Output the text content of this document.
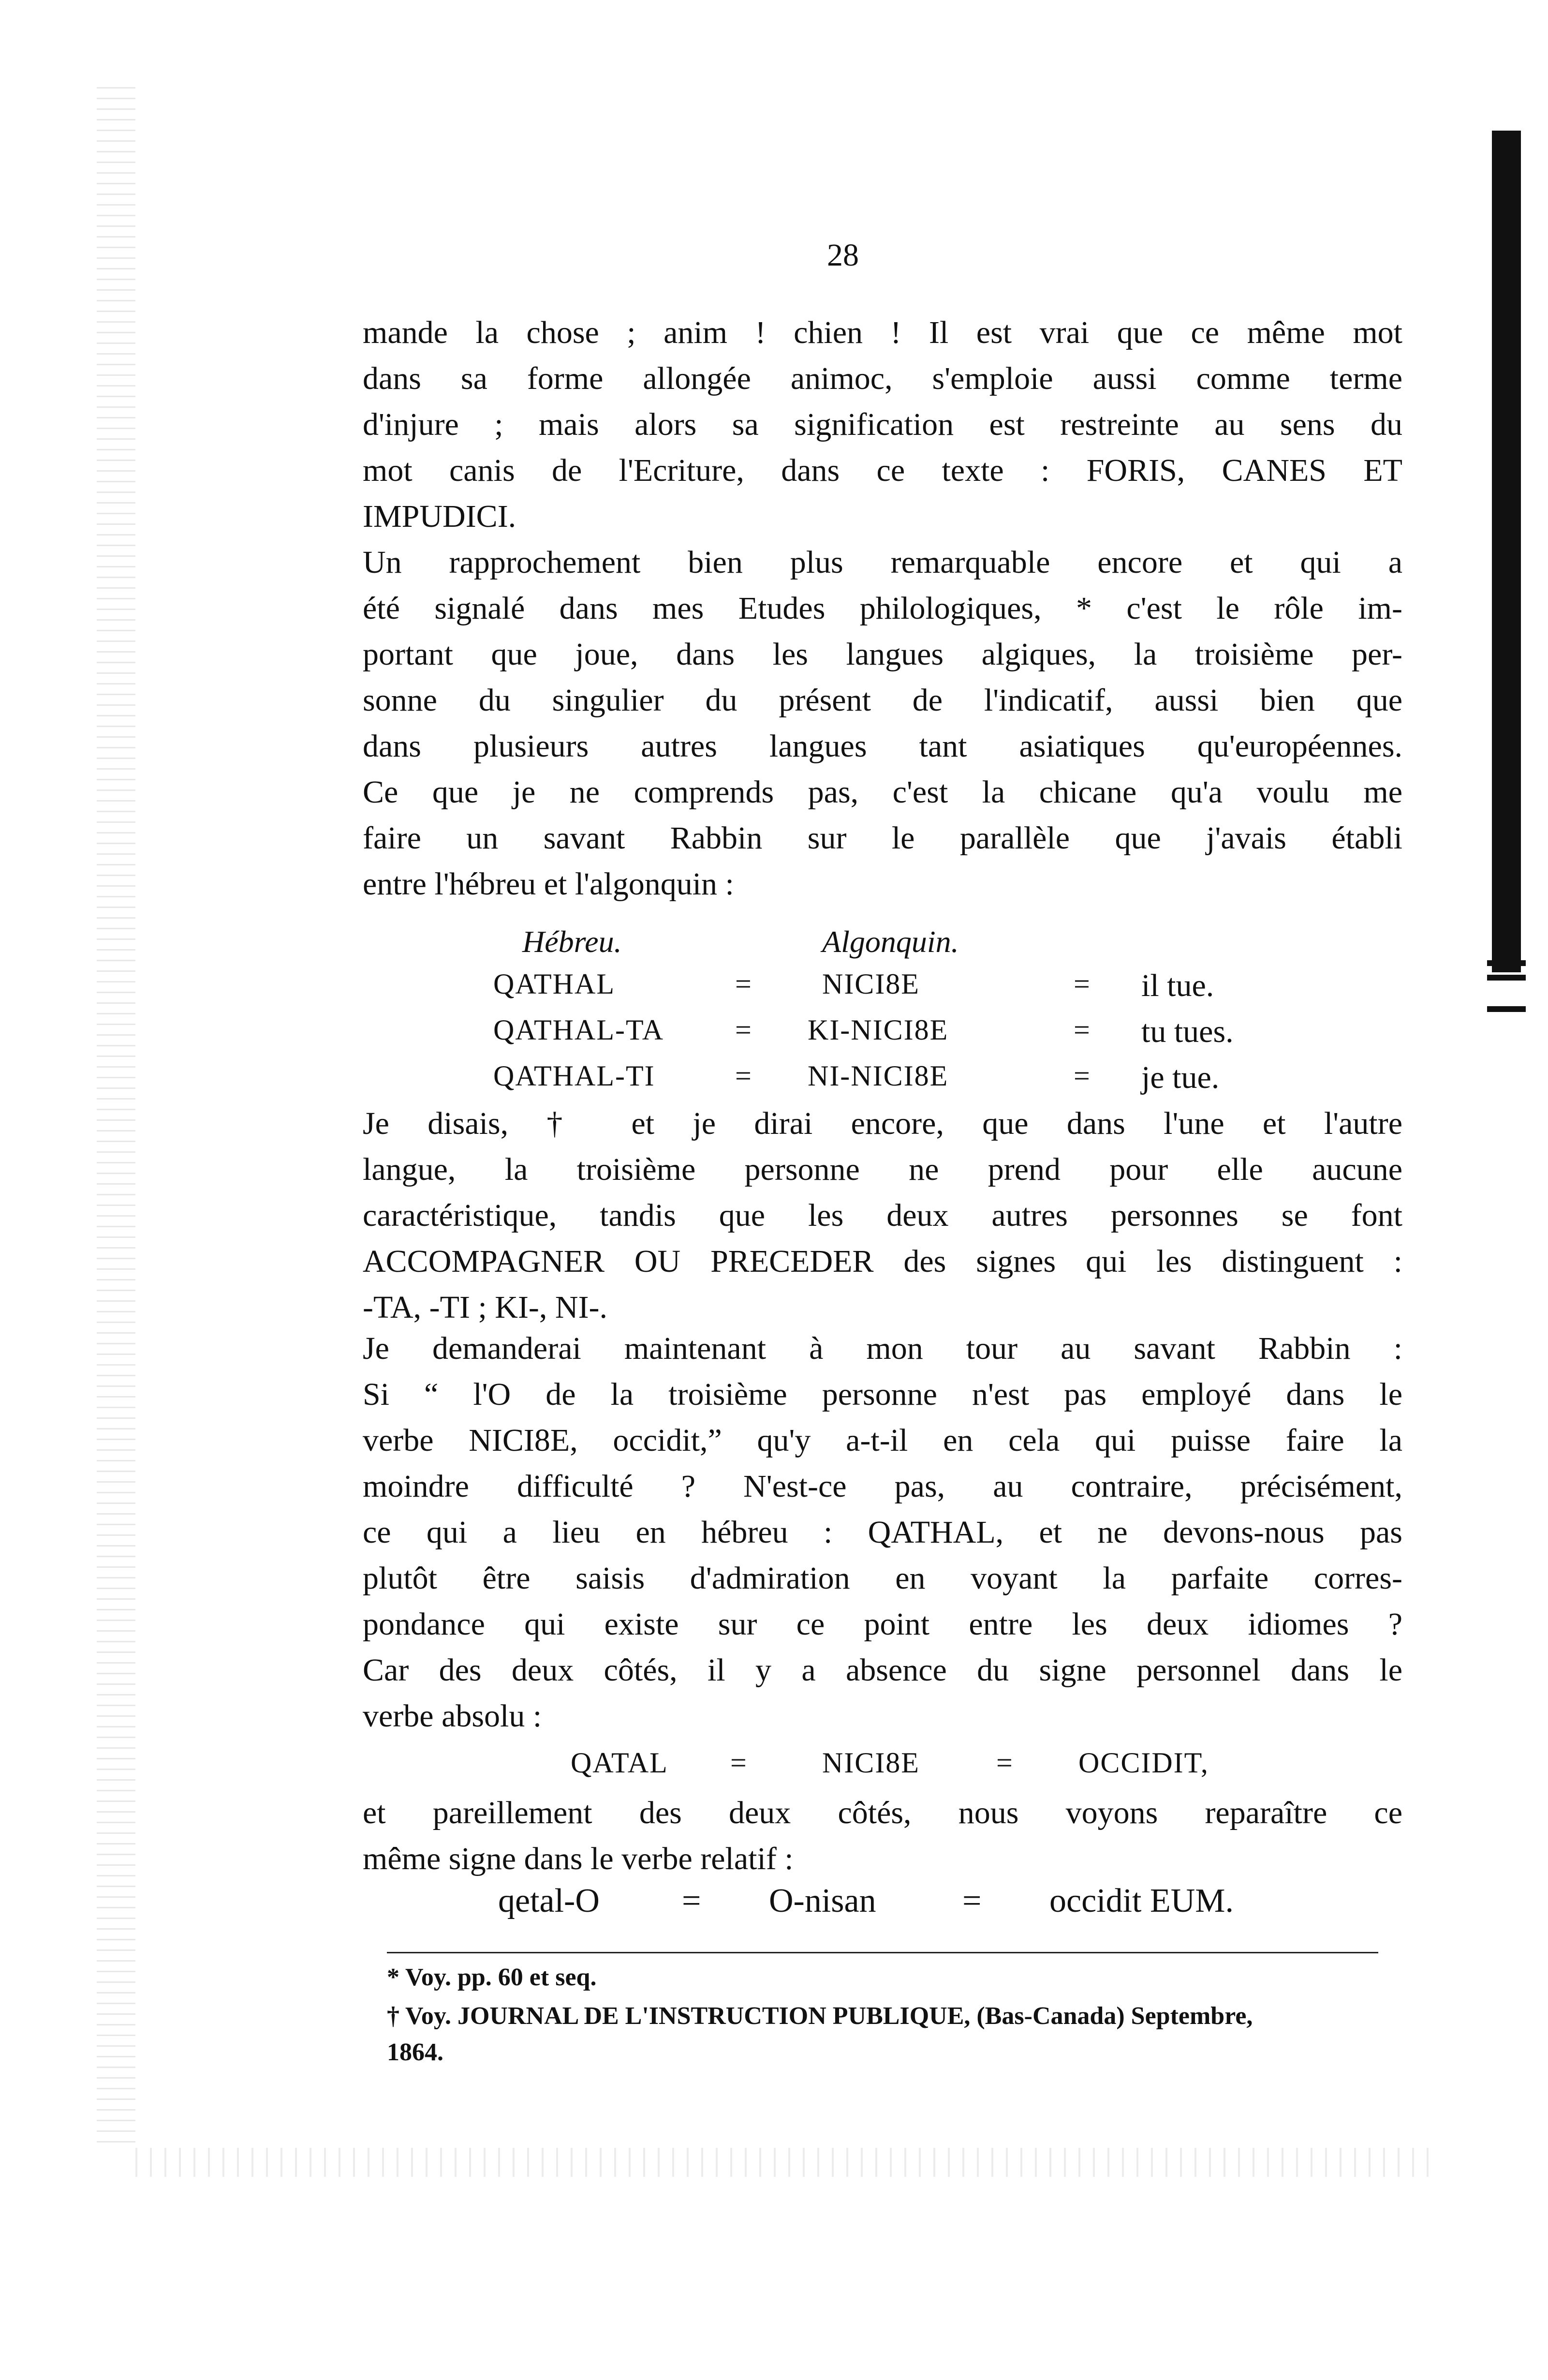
28
mande la chose ; anim ! chien ! Il est vrai que ce même mot
dans sa forme allongée animoc, s'emploie aussi comme terme
d'injure ; mais alors sa signification est restreinte au sens du
mot canis de l'Ecriture, dans ce texte : FORIS, CANES ET
IMPUDICI.
Un rapprochement bien plus remarquable encore et qui a
été signalé dans mes Etudes philologiques, * c'est le rôle im-
portant que joue, dans les langues algiques, la troisième per-
sonne du singulier du présent de l'indicatif, aussi bien que
dans plusieurs autres langues tant asiatiques qu'européennes.
Ce que je ne comprends pas, c'est la chicane qu'a voulu me
faire un savant Rabbin sur le parallèle que j'avais établi
entre l'hébreu et l'algonquin :
Hébreu.	Algonquin.
QATHAL	= NICI8E	= il tue.
QATHAL-TA = KI-NICI8E	= tu tues.
QATHAL-TI	= NI-NICI8E	= je tue.
Je disais, † et je dirai encore, que dans l'une et l'autre
langue, la troisième personne ne prend pour elle aucune
caractéristique, tandis que les deux autres personnes se font
ACCOMPAGNER OU PRECEDER des signes qui les distinguent :
-TA, -TI ; KI-, NI-.
Je demanderai maintenant à mon tour au savant Rabbin :
Si “ l'O de la troisième personne n'est pas employé dans le
verbe NICI8E, occidit,” qu'y a-t-il en cela qui puisse faire la
moindre difficulté ? N'est-ce pas, au contraire, précisément,
ce qui a lieu en hébreu : QATHAL, et ne devons-nous pas
plutôt être saisis d'admiration en voyant la parfaite corres-
pondance qui existe sur ce point entre les deux idiomes ?
Car des deux côtés, il y a absence du signe personnel dans le
verbe absolu :
QATAL =	NICI8E	= OCCIDIT,
et pareillement des deux côtés, nous voyons reparaître ce
même signe dans le verbe relatif :
qetal-O = O-nisan	= occidit EUM.
* Voy. pp. 60 et seq.
† Voy. JOURNAL DE L'INSTRUCTION PUBLIQUE, (Bas-Canada) Septembre,
1864.
